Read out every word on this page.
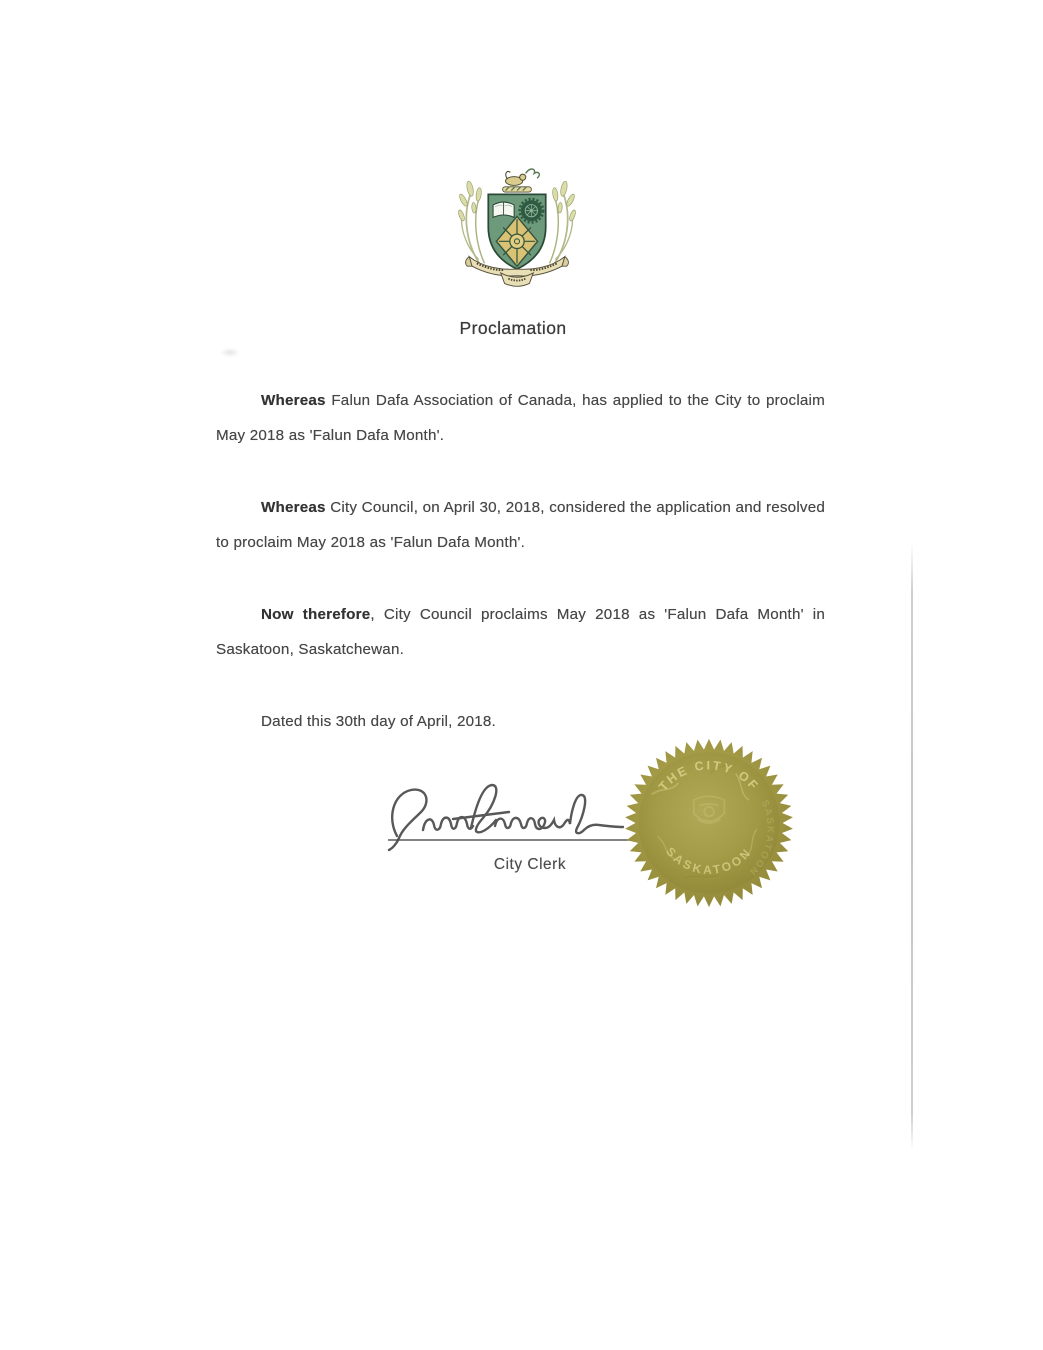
Proclamation
Whereas Falun Dafa Association of Canada, has applied to the City to proclaim
May 2018 as 'Falun Dafa Month'.
Whereas City Council, on April 30, 2018, considered the application and resolved
to proclaim May 2018 as 'Falun Dafa Month'.
Now therefore, City Council proclaims May 2018 as 'Falun Dafa Month' in
Saskatoon, Saskatchewan.
Dated this 30th day of April, 2018.
City Clerk
THE CITY OF
SASKATOON
SASKATOON
